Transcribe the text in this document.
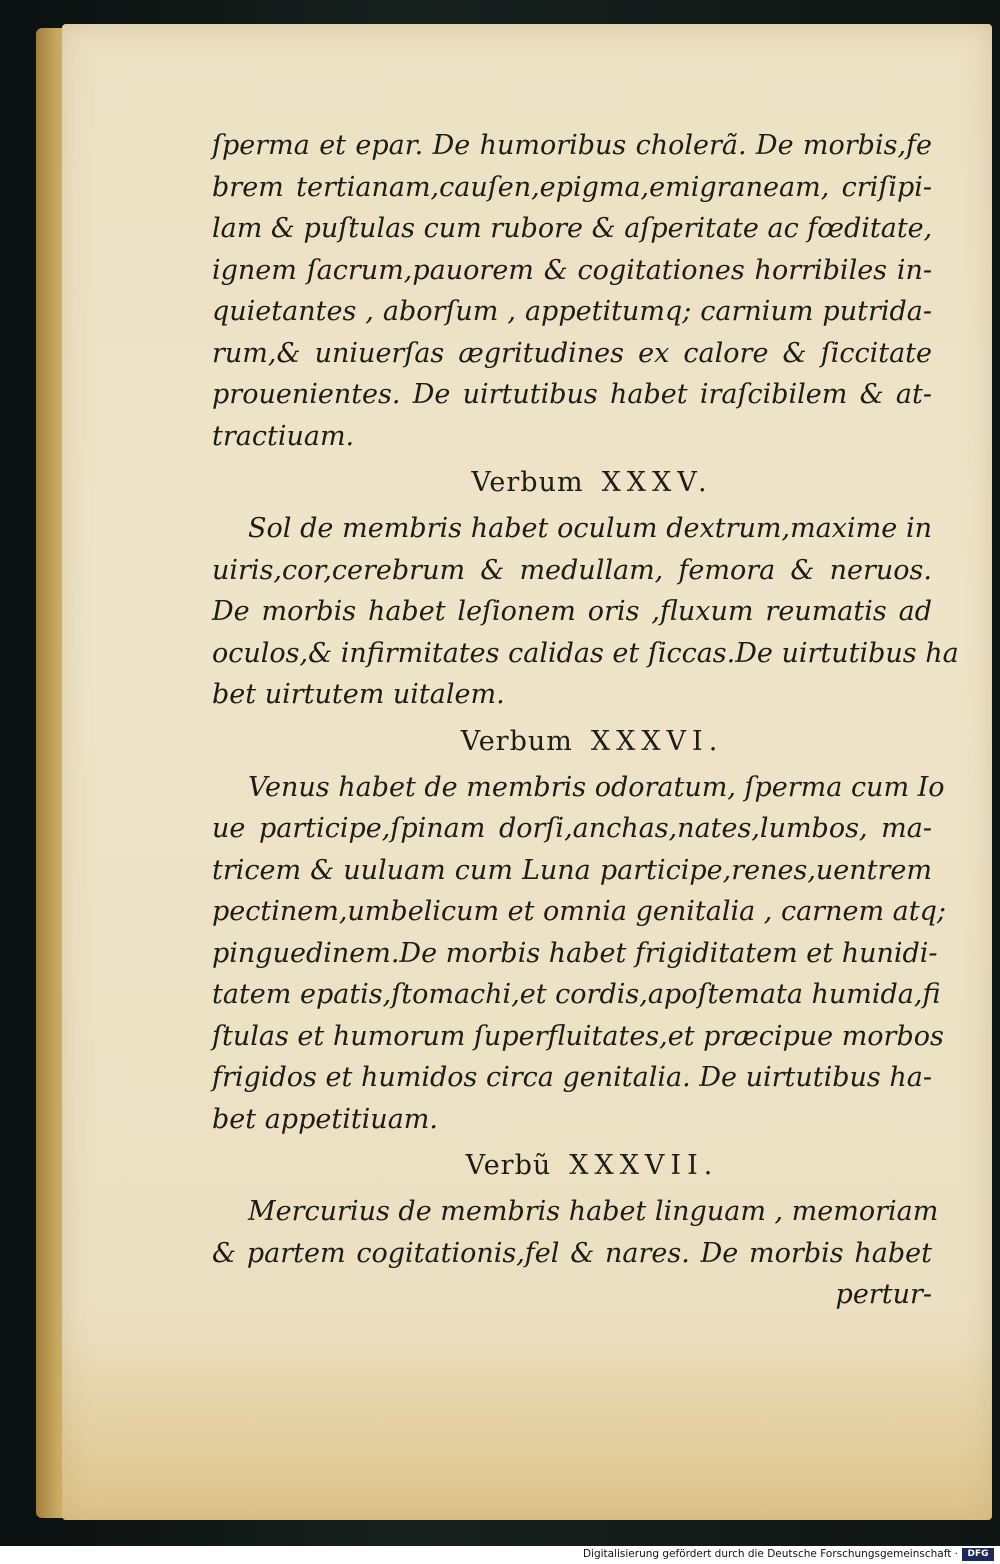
ſperma et epar. De humoribus cholerã. De morbis,fe
brem tertianam,cauſen,epigma,emigraneam, criſipi-
lam & puſtulas cum rubore & aſperitate ac fœditate,
ignem ſacrum,pauorem & cogitationes horribiles in-
quietantes , aborſum , appetitumq; carnium putrida-
rum,& uniuerſas ægritudines ex calore & ſiccitate
prouenientes. De uirtutibus habet iraſcibilem & at-
tractiuam.
Verbum XXXV.
Sol de membris habet oculum dextrum,maxime in
uiris,cor,cerebrum & medullam, femora & neruos.
De morbis habet leſionem oris ,fluxum reumatis ad
oculos,& infirmitates calidas et ſiccas.De uirtutibus ha
bet uirtutem uitalem.
Verbum XXXVI.
Venus habet de membris odoratum, ſperma cum Io
ue participe,ſpinam dorſi,anchas,nates,lumbos, ma-
tricem & uuluam cum Luna participe,renes,uentrem
pectinem,umbelicum et omnia genitalia , carnem atq;
pinguedinem.De morbis habet frigiditatem et hunidi-
tatem epatis,ſtomachi,et cordis,apoſtemata humida,fi
ſtulas et humorum ſuperfluitates,et præcipue morbos
frigidos et humidos circa genitalia. De uirtutibus ha-
bet appetitiuam.
Verbũ XXXVII.
Mercurius de membris habet linguam , memoriam
& partem cogitationis,fel & nares. De morbis habet
pertur-
Digitalisierung gefördert durch die Deutsche Forschungsgemeinschaft ·	DFG
